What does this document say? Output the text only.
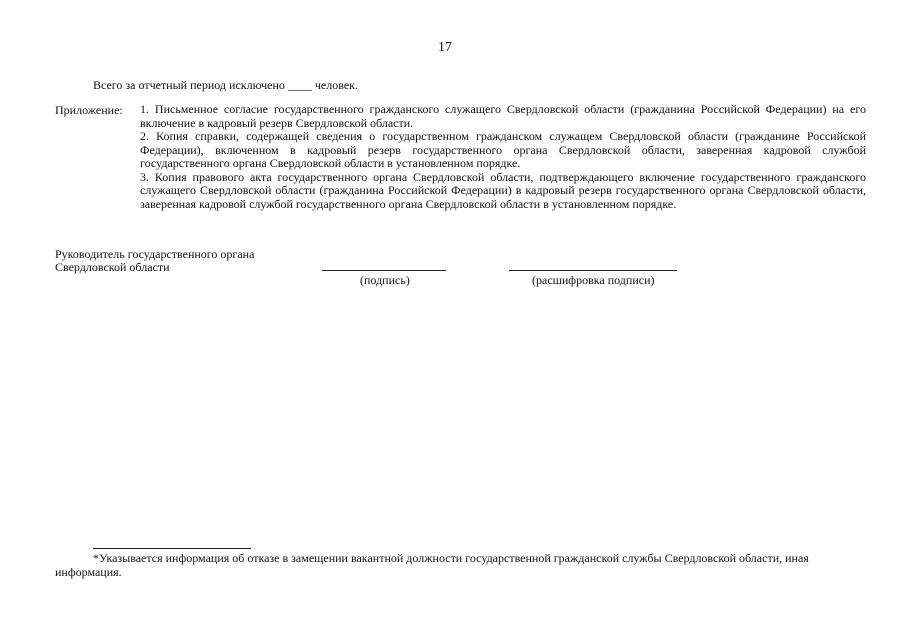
17
Всего за отчетный период исключено ____ человек.
Приложение: 1. Письменное согласие государственного гражданского служащего Свердловской области (гражданина Российской Федерации) на его включение в кадровый резерв Свердловской области.

2. Копия справки, содержащей сведения о государственном гражданском служащем Свердловской области (гражданине Российской Федерации), включенном в кадровый резерв государственного органа Свердловской области, заверенная кадровой службой государственного органа Свердловской области в установленном порядке.

3. Копия правового акта государственного органа Свердловской области, подтверждающего включение государственного гражданского служащего Свердловской области (гражданина Российской Федерации) в кадровый резерв государственного органа Свердловской области, заверенная кадровой службой государственного органа Свердловской области в установленном порядке.

Руководитель государственного органа
Свердловской области
(подпись)	(расшифровка подписи)
*Указывается информация об отказе в замещении вакантной должности государственной гражданской службы Свердловской области, иная информация.
